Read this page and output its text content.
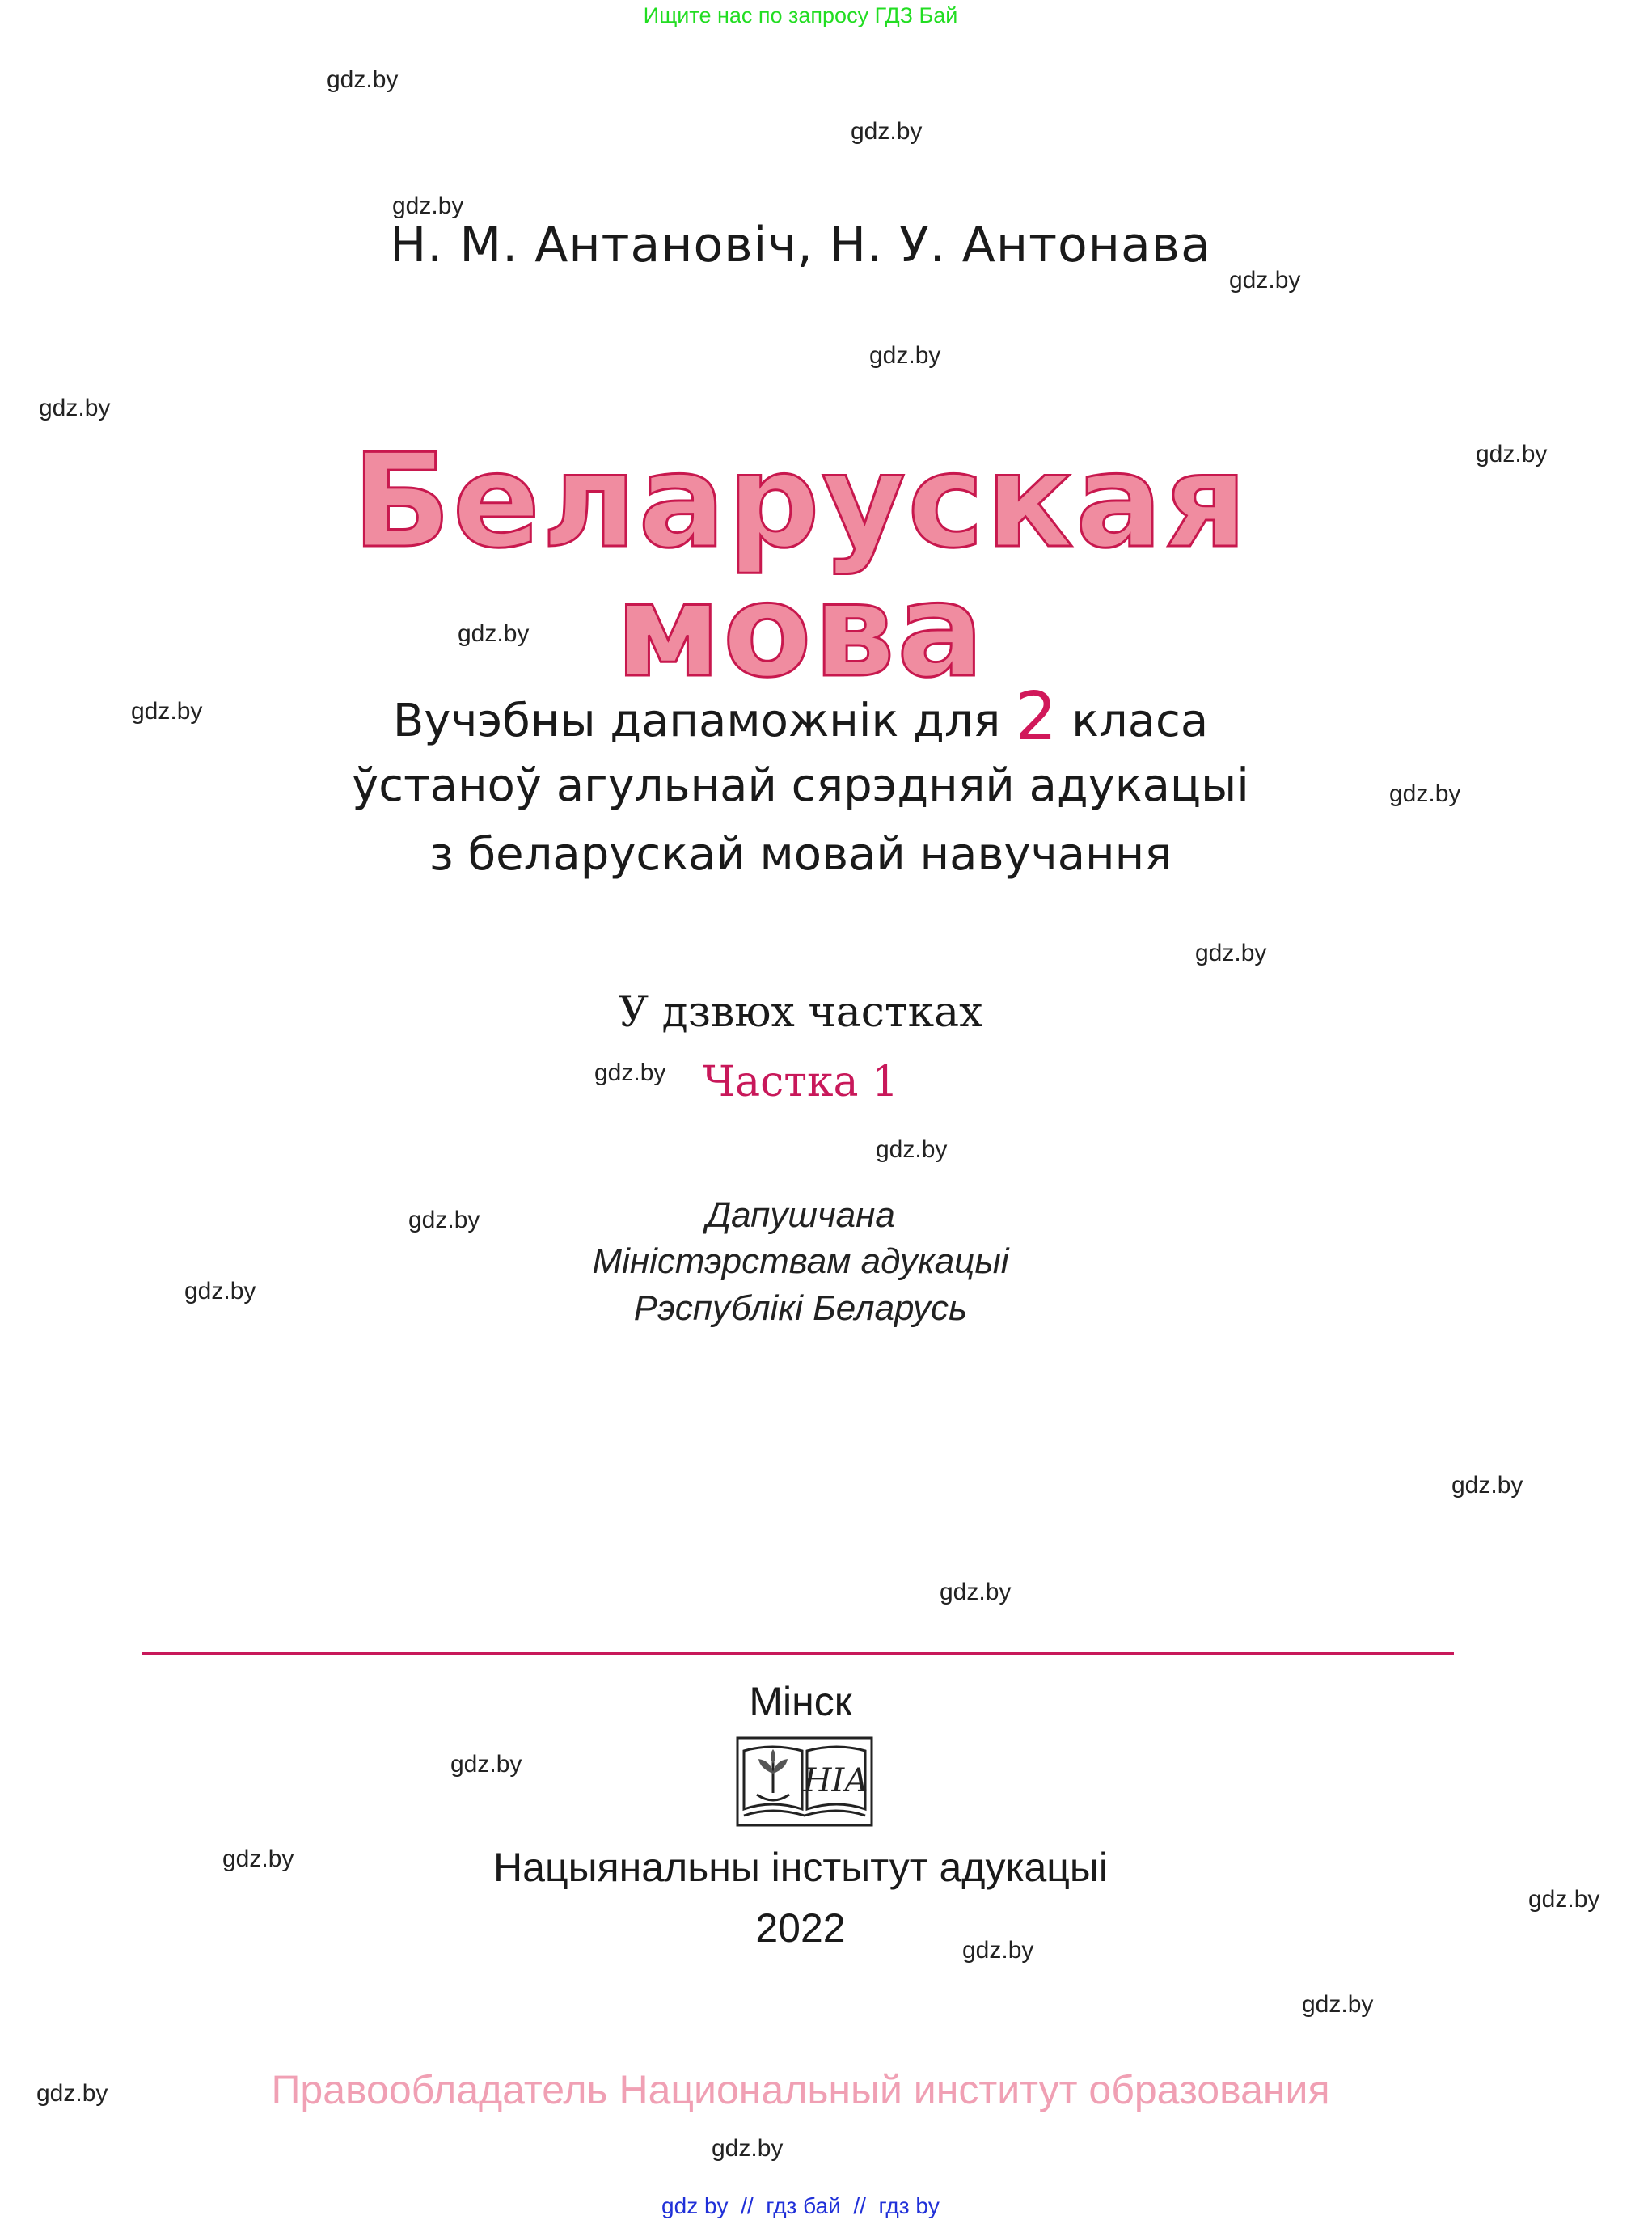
Ищите нас по запросу ГДЗ Бай
Н. М. Антановіч, Н. У. Антонава
Беларуская
мова
Вучэбны дапаможнік для 2 класа
ўстаноў агульнай сярэдняй адукацыі
з беларускай мовай навучання
У дзвюх частках
Частка 1
Дапушчана
Міністэрствам адукацыі
Рэспублікі Беларусь
Мінск
НІА
Нацыянальны інстытут адукацыі
2022
Правообладатель Национальный институт образования
gdz by // гдз бай // гдз by
gdz.by
gdz.by
gdz.by
gdz.by
gdz.by
gdz.by
gdz.by
gdz.by
gdz.by
gdz.by
gdz.by
gdz.by
gdz.by
gdz.by
gdz.by
gdz.by
gdz.by
gdz.by
gdz.by
gdz.by
gdz.by
gdz.by
gdz.by
gdz.by
